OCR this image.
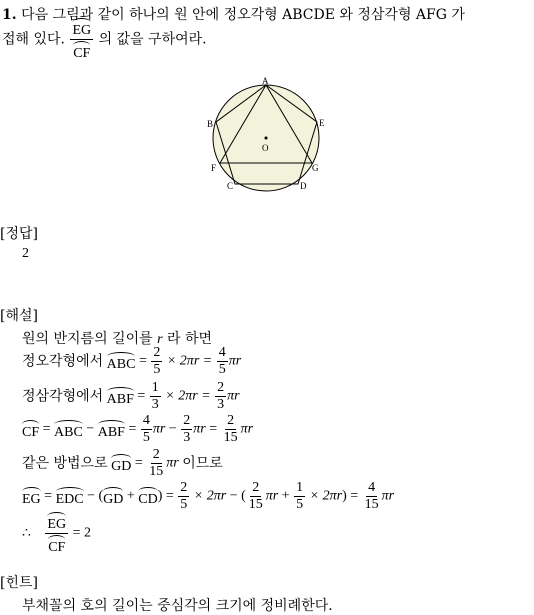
1. 다음 그림과 같이 하나의 원 안에 정오각형 ABCDE 와 정삼각형 AFG 가
접해 있다. $\frac{EG}{CF}$ 의 값을 구하여라.
A
B	E
F	G
C	D
O
[정답]
2
[해설]
원의 반지름의 길이를 r 라 하면
정오각형에서 ABC = $\frac{2}{5} \times 2\pi r = \frac{4}{5}$ πr
정삼각형에서 ABF = $\frac{1}{3} \times 2\pi r = \frac{2}{3}$ πr
CF = ABC − ABF = $\frac{4}{5}$ $\pi r - \frac{2}{3}$ $\pi r = \frac{2}{15}$ πr
같은 방법으로 GD = $\frac{2}{15}$ πr 이므로
EG = EDC − $(GD + CD) = \frac{2}{5} \times 2\pi r$ − ( $\frac{2}{15}$ $\pi r + \frac{1}{5} \times 2\pi r) = \frac{4}{15}$ πr
∴ $\frac{EG}{CF} = 2$
[힌트]
부채꼴의 호의 길이는 중심각의 크기에 정비례한다.
